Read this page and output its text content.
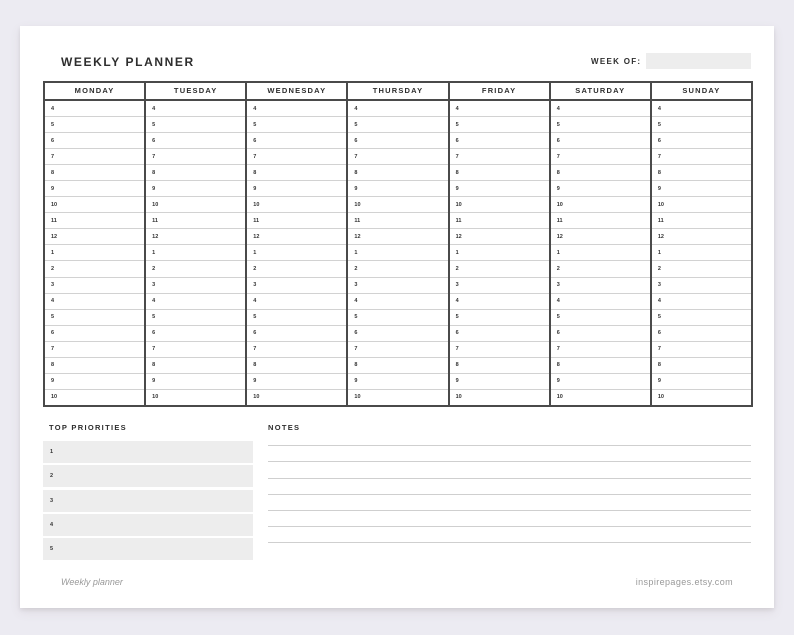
WEEKLY PLANNER	WEEK OF:
MONDAY
4
5
6
7
8
9
10
11
12
1
2
3
4
5
6
7
8
9
10
TUESDAY
4
5
6
7
8
9
10
11
12
1
2
3
4
5
6
7
8
9
10
WEDNESDAY
4
5
6
7
8
9
10
11
12
1
2
3
4
5
6
7
8
9
10
THURSDAY
4
5
6
7
8
9
10
11
12
1
2
3
4
5
6
7
8
9
10
FRIDAY
4
5
6
7
8
9
10
11
12
1
2
3
4
5
6
7
8
9
10
SATURDAY
4
5
6
7
8
9
10
11
12
1
2
3
4
5
6
7
8
9
10
SUNDAY
4
5
6
7
8
9
10
11
12
1
2
3
4
5
6
7
8
9
10
TOP PRIORITIES
1
2
3
4
5
NOTES
Weekly planner	inspirepages.etsy.com
